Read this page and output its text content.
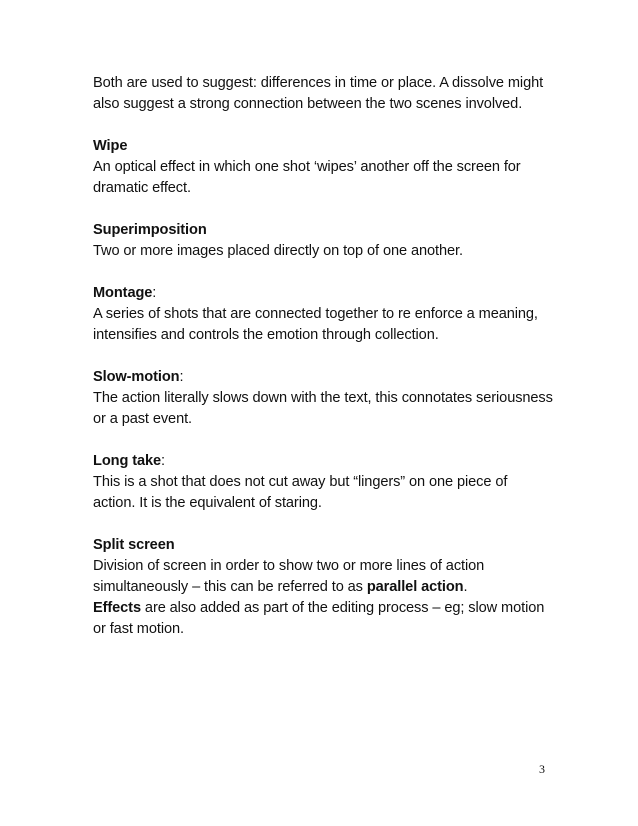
Both are used to suggest: differences in time or place. A dissolve might also suggest a strong connection between the two scenes involved.

Wipe

An optical effect in which one shot ‘wipes’ another off the screen for dramatic effect.

Superimposition

Two or more images placed directly on top of one another.

Montage:

A series of shots that are connected together to re enforce a meaning, intensifies and controls the emotion through collection.

Slow-motion:

The action literally slows down with the text, this connotates seriousness or a past event.

Long take:

This is a shot that does not cut away but “lingers” on one piece of action. It is the equivalent of staring.

Split screen

Division of screen in order to show two or more lines of action simultaneously – this can be referred to as parallel action.

Effects are also added as part of the editing process – eg; slow motion or fast motion.

3
